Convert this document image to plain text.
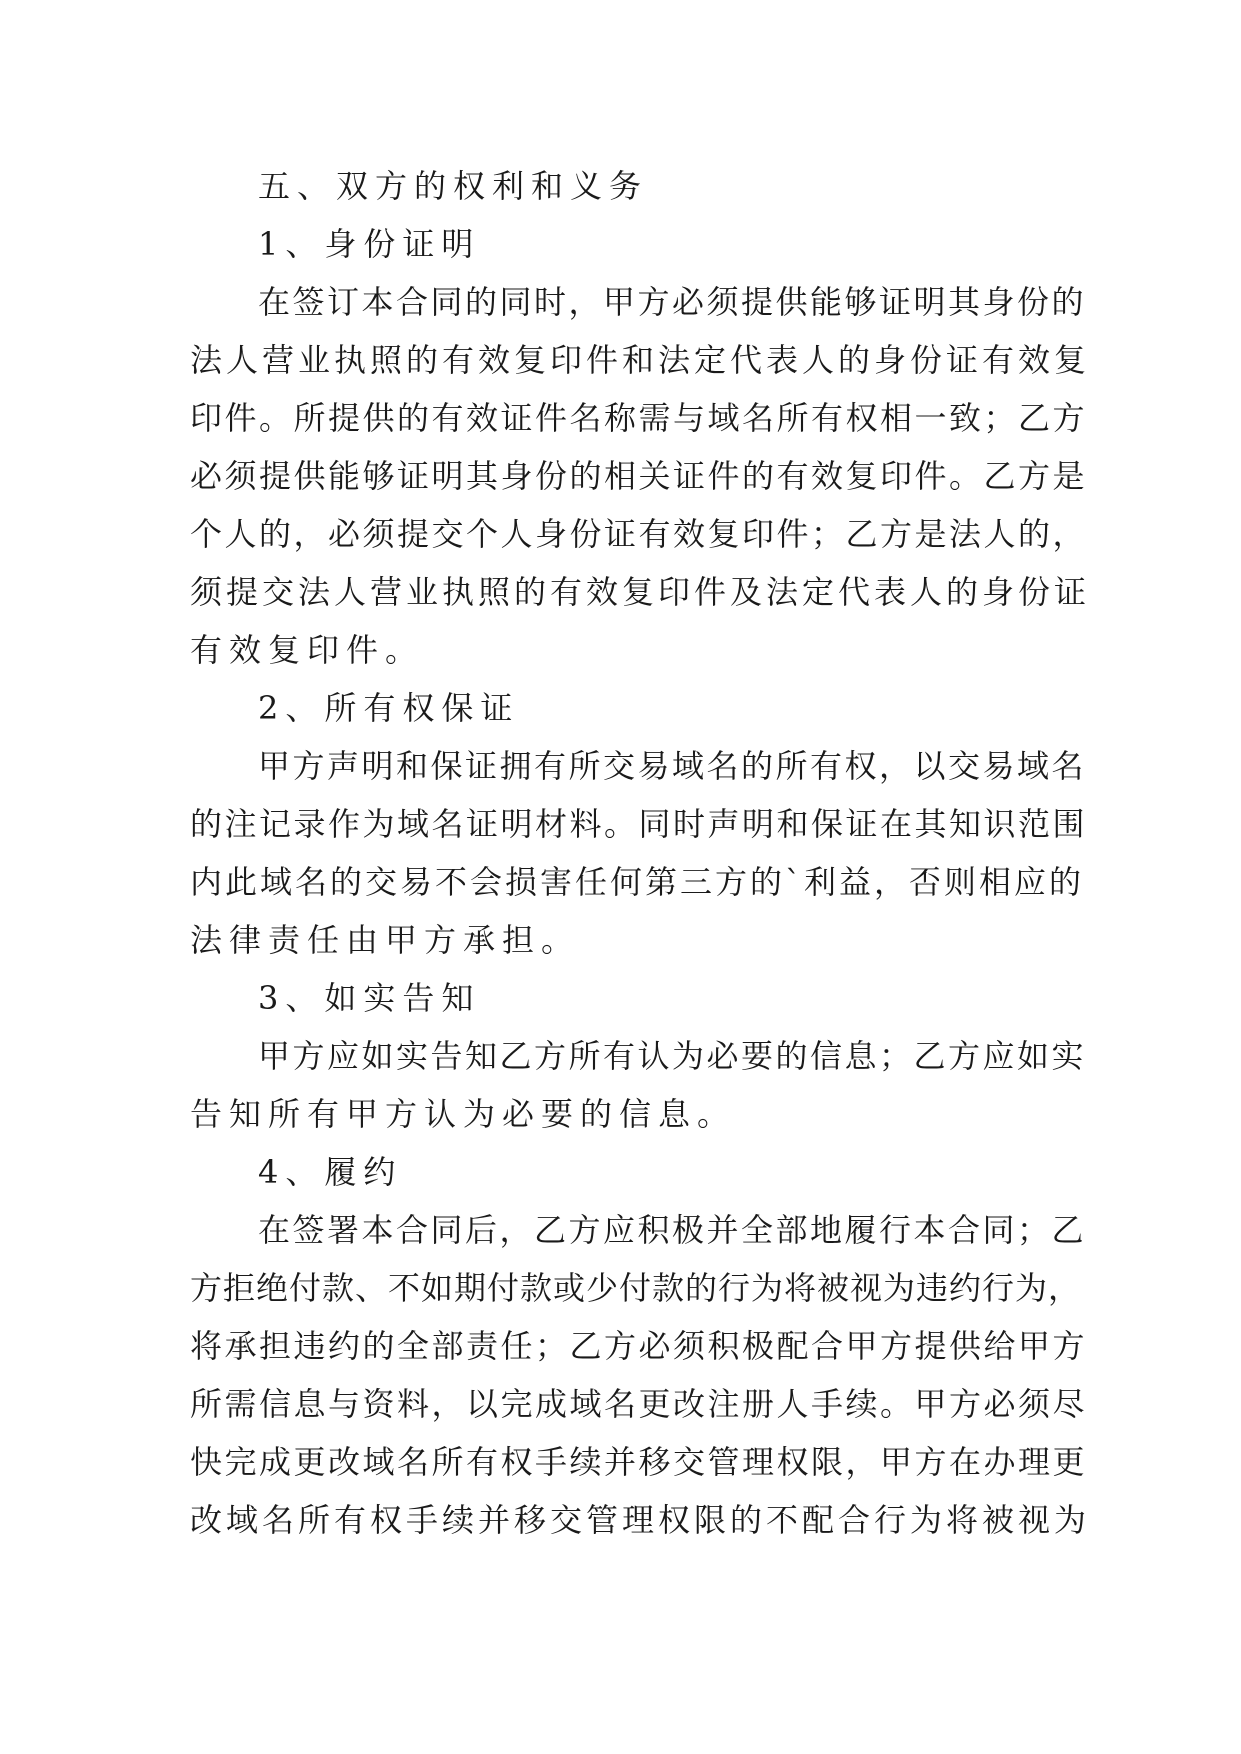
五、双方的权利和义务
1、身份证明
在签订本合同的同时，甲方必须提供能够证明其身份的
法人营业执照的有效复印件和法定代表人的身份证有效复
印件。所提供的有效证件名称需与域名所有权相一致；乙方
必须提供能够证明其身份的相关证件的有效复印件。乙方是
个人的，必须提交个人身份证有效复印件；乙方是法人的，
须提交法人营业执照的有效复印件及法定代表人的身份证
有效复印件。
2、所有权保证
甲方声明和保证拥有所交易域名的所有权，以交易域名
的注记录作为域名证明材料。同时声明和保证在其知识范围
内此域名的交易不会损害任何第三方的`利益，否则相应的
法律责任由甲方承担。
3、如实告知
甲方应如实告知乙方所有认为必要的信息；乙方应如实
告知所有甲方认为必要的信息。
4、履约
在签署本合同后，乙方应积极并全部地履行本合同；乙
方拒绝付款、不如期付款或少付款的行为将被视为违约行为，
将承担违约的全部责任；乙方必须积极配合甲方提供给甲方
所需信息与资料，以完成域名更改注册人手续。甲方必须尽
快完成更改域名所有权手续并移交管理权限，甲方在办理更
改域名所有权手续并移交管理权限的不配合行为将被视为
